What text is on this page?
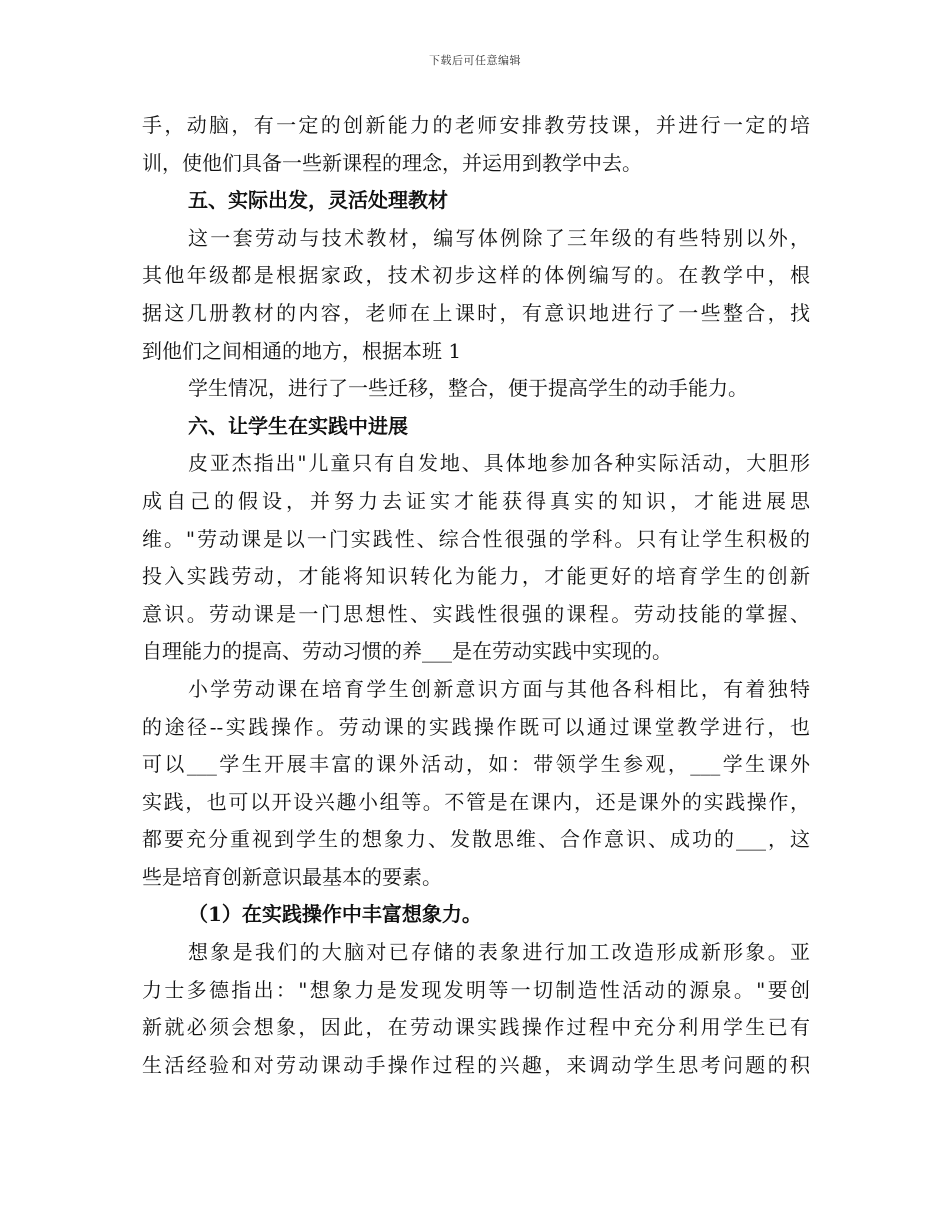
下载后可任意编辑
手，动脑，有一定的创新能力的老师安排教劳技课，并进行一定的培
训，使他们具备一些新课程的理念，并运用到教学中去。
五、实际出发，灵活处理教材
这一套劳动与技术教材，编写体例除了三年级的有些特别以外，
其他年级都是根据家政，技术初步这样的体例编写的。在教学中，根
据这几册教材的内容，老师在上课时，有意识地进行了一些整合，找
到他们之间相通的地方，根据本班 1
学生情况，进行了一些迁移，整合，便于提高学生的动手能力。
六、让学生在实践中进展
皮亚杰指出"儿童只有自发地、具体地参加各种实际活动，大胆形
成自己的假设，并努力去证实才能获得真实的知识，才能进展思
维。"劳动课是以一门实践性、综合性很强的学科。只有让学生积极的
投入实践劳动，才能将知识转化为能力，才能更好的培育学生的创新
意识。劳动课是一门思想性、实践性很强的课程。劳动技能的掌握、
自理能力的提高、劳动习惯的养___是在劳动实践中实现的。
小学劳动课在培育学生创新意识方面与其他各科相比，有着独特
的途径--实践操作。劳动课的实践操作既可以通过课堂教学进行，也
可以___学生开展丰富的课外活动，如：带领学生参观，___学生课外
实践，也可以开设兴趣小组等。不管是在课内，还是课外的实践操作，
都要充分重视到学生的想象力、发散思维、合作意识、成功的___，这
些是培育创新意识最基本的要素。
（1）在实践操作中丰富想象力。
想象是我们的大脑对已存储的表象进行加工改造形成新形象。亚
力士多德指出："想象力是发现发明等一切制造性活动的源泉。"要创
新就必须会想象，因此，在劳动课实践操作过程中充分利用学生已有
生活经验和对劳动课动手操作过程的兴趣，来调动学生思考问题的积
